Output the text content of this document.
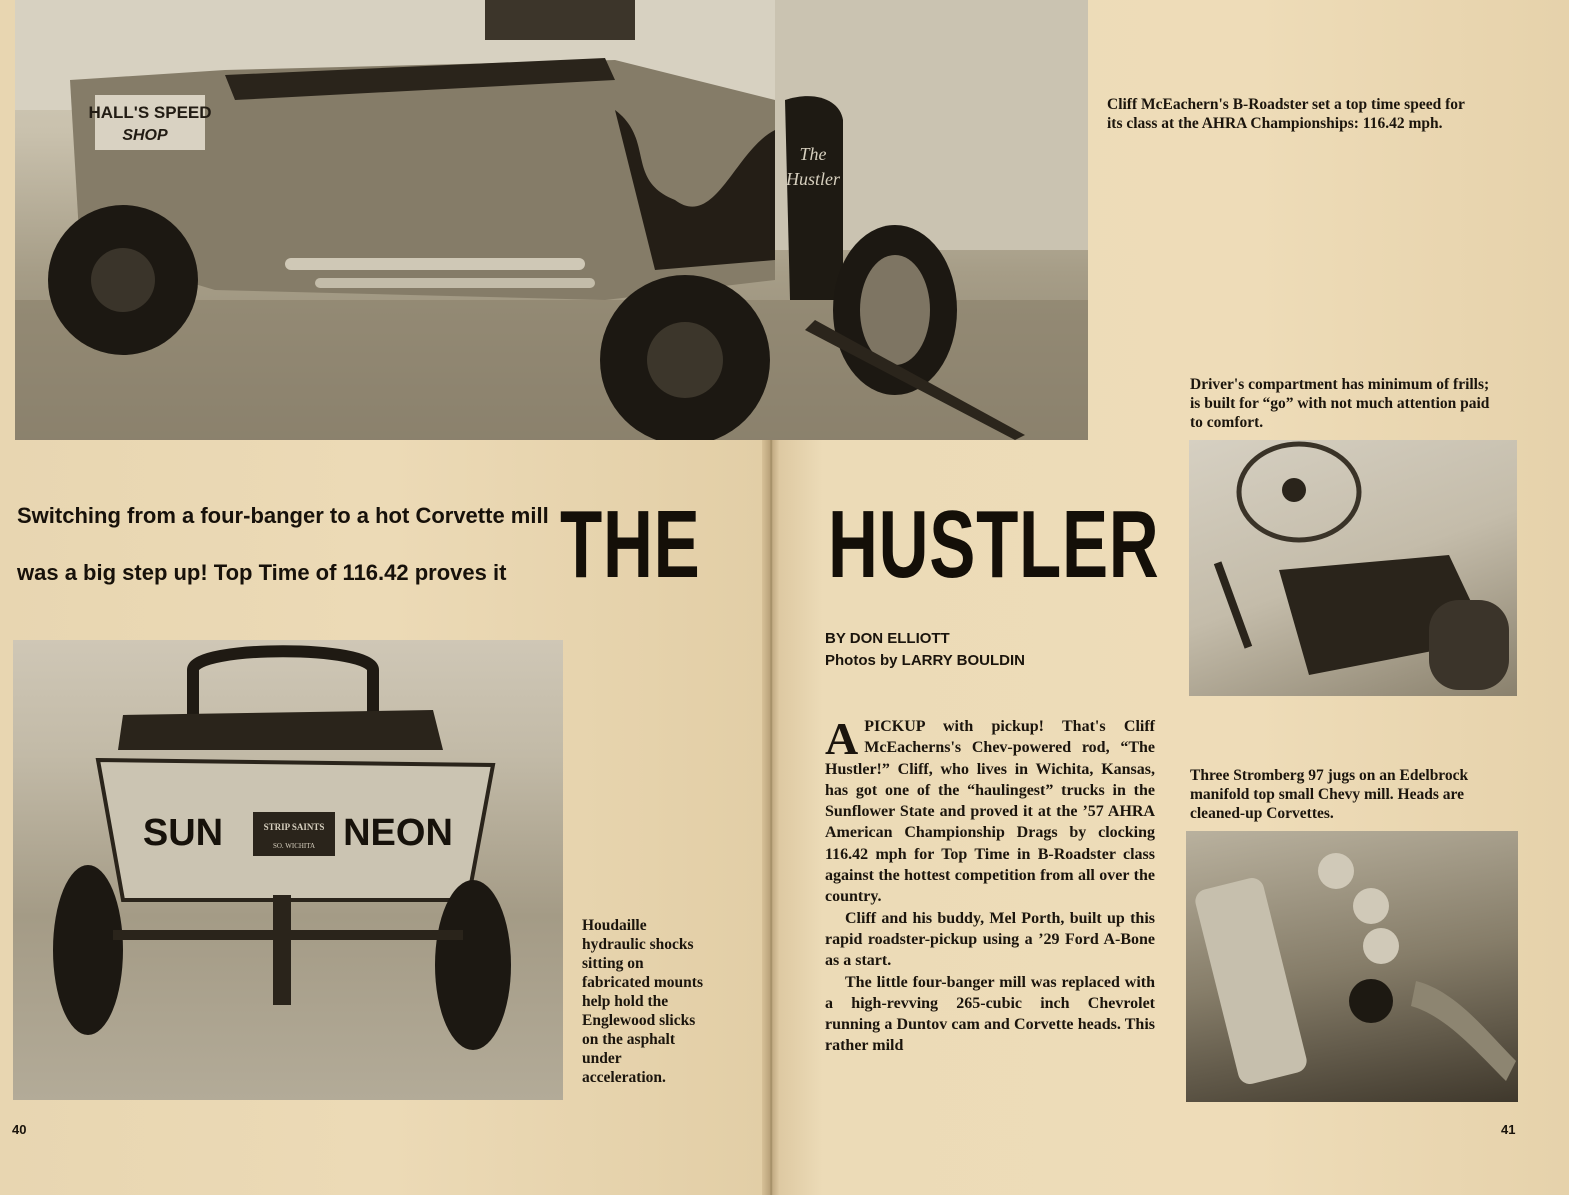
HALL'S SPEED
SHOP
The
Hustler
Cliff McEachern's B-Roadster set a top time speed for its class at the AHRA Championships: 116.42 mph.
Driver's compartment has minimum of frills; is built for “go” with not much attention paid to comfort.
Three Stromberg 97 jugs on an Edelbrock manifold top small Chevy mill. Heads are cleaned-up Corvettes.
Switching from a four-banger to a hot Corvette mill
was a big step up! Top Time of 116.42 proves it THE HUSTLER
BY DON ELLIOTT
Photos by LARRY BOULDIN
SUN	NEON
STRIP SAINTS
SO. WICHITA
Houdaille hydraulic shocks sitting on fabricated mounts help hold the Englewood slicks on the asphalt under acceleration.

APICKUP with pickup! That's Cliff McEacherns's Chev-powered rod, “The Hustler!” Cliff, who lives in Wichita, Kansas, has got one of the “haulingest” trucks in the Sunflower State and proved it at the ’57 AHRA American Championship Drags by clocking 116.42 mph for Top Time in B-Roadster class against the hottest competition from all over the country.

Cliff and his buddy, Mel Porth, built up this rapid roadster-pickup using a ’29 Ford A-Bone as a start.

The little four-banger mill was replaced with a high-revving 265-cubic inch Chevrolet running a Duntov cam and Corvette heads. This rather mild

40	41
